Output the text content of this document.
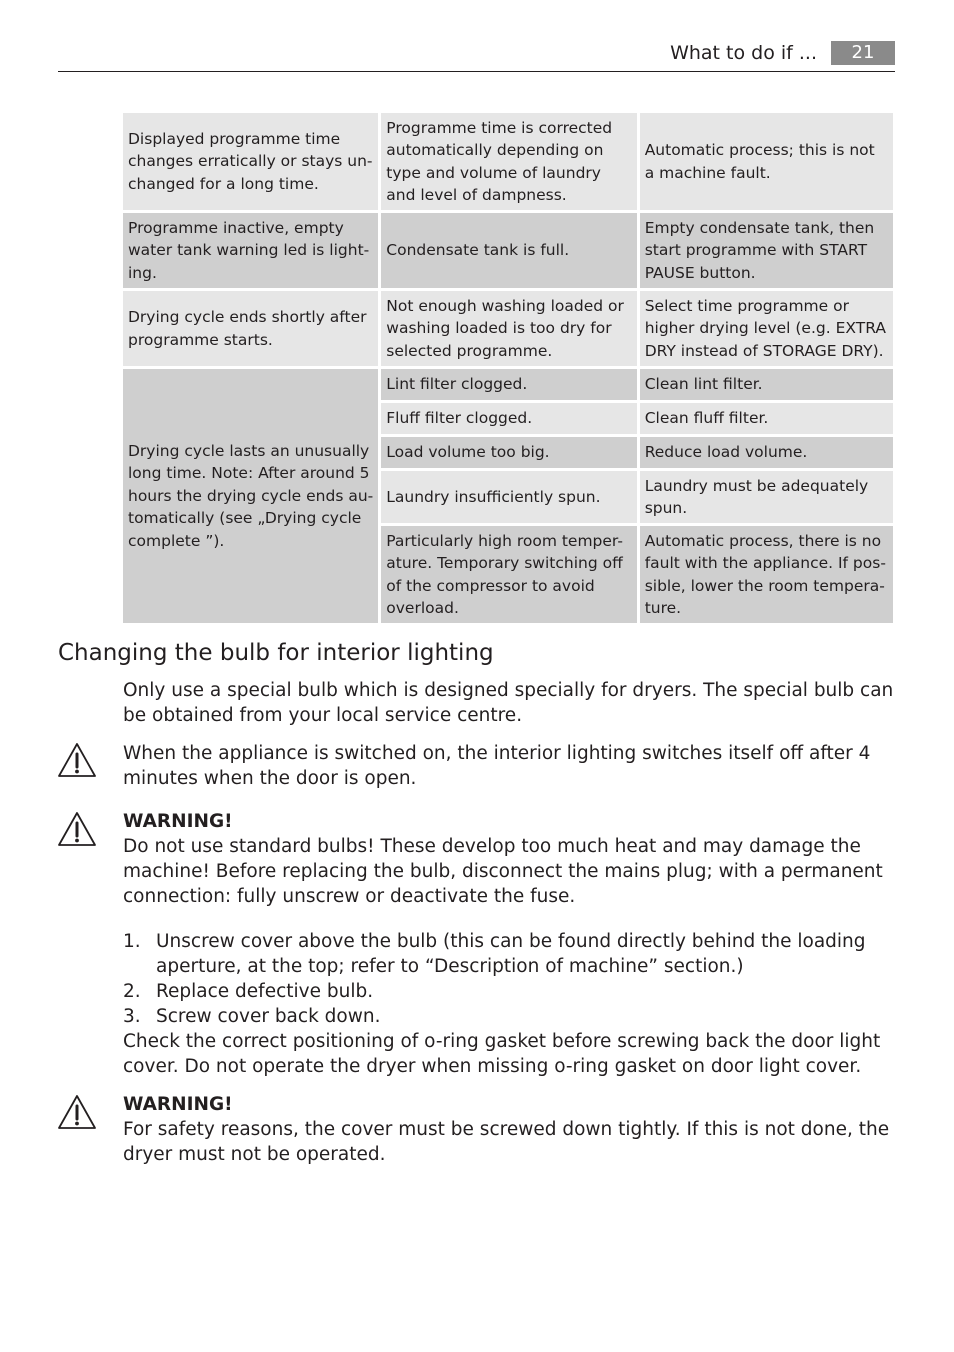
What to do if ...	21
Displayed programme time changes erratically or stays un-changed for a long time.	Programme time is corrected automatically depending on type and volume of laundry and level of dampness.	Automatic process; this is not a machine fault.
Programme inactive, empty water tank warning led is light-ing.	Condensate tank is full.	Empty condensate tank, then start programme with START PAUSE button.
Drying cycle ends shortly after programme starts.	Not enough washing loaded or washing loaded is too dry for selected programme.	Select time programme or higher drying level (e.g. EXTRA DRY instead of STORAGE DRY).
Drying cycle lasts an unusually long time. Note: After around 5 hours the drying cycle ends au-tomatically (see „Drying cycle complete ”).	Lint filter clogged.	Clean lint filter.
	Fluff filter clogged.	Clean fluff filter.
	Load volume too big.	Reduce load volume.
	Laundry insufficiently spun.	Laundry must be adequately spun.
	Particularly high room temper-ature. Temporary switching off of the compressor to avoid overload.	Automatic process, there is no fault with the appliance. If pos-sible, lower the room tempera-ture.
Changing the bulb for interior lighting

Only use a special bulb which is designed specially for dryers. The special bulb can be obtained from your local service centre.

When the appliance is switched on, the interior lighting switches itself off after 4 minutes when the door is open.

WARNING!
Do not use standard bulbs! These develop too much heat and may damage the machine! Before replacing the bulb, disconnect the mains plug; with a permanent connection: fully unscrew or deactivate the fuse.
1. Unscrew cover above the bulb (this can be found directly behind the loading aperture, at the top; refer to “Description of machine” section.)
2. Replace defective bulb.
3. Screw cover back down.

Check the correct positioning of o-ring gasket before screwing back the door light cover. Do not operate the dryer when missing o-ring gasket on door light cover.

WARNING!
For safety reasons, the cover must be screwed down tightly. If this is not done, the dryer must not be operated.
